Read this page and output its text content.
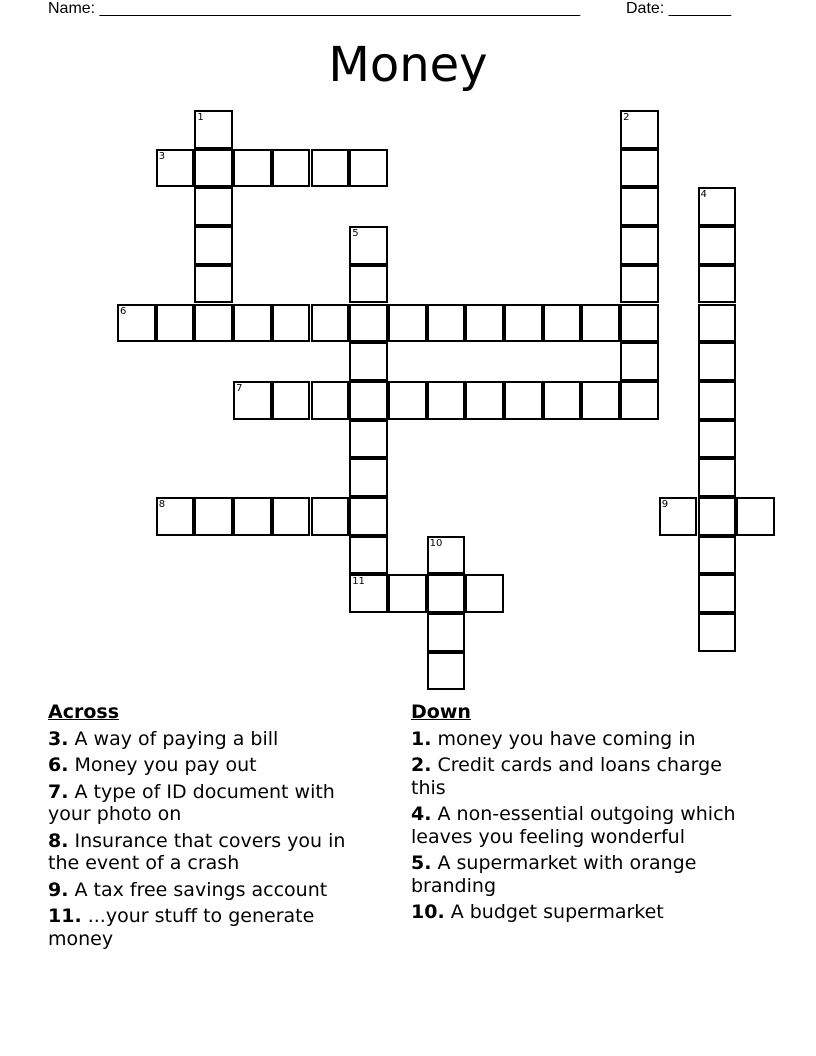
Name: ______________________________________________________	Date: _______
Money
1	2
3
4
5
6
7
8	9
10
11
Across
3. A way of paying a bill
6. Money you pay out
7. A type of ID document with your photo on
8. Insurance that covers you in the event of a crash
9. A tax free savings account
11. ...your stuff to generate money
Down
1. money you have coming in
2. Credit cards and loans charge this
4. A non-essential outgoing which leaves you feeling wonderful
5. A supermarket with orange branding
10. A budget supermarket
